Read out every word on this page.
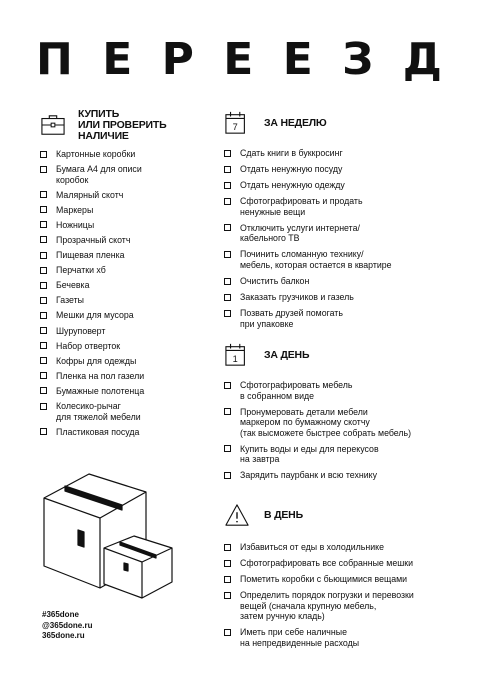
П Е Р Е Е З Д
КУПИТЬ
ИЛИ ПРОВЕРИТЬ
НАЛИЧИЕ
Картонные коробки
Бумага А4 для описи
коробок
Малярный скотч
Маркеры
Ножницы
Прозрачный скотч
Пищевая пленка
Перчатки хб
Бечевка
Газеты
Мешки для мусора
Шуруповерт
Набор отверток
Кофры для одежды
Пленка на пол газели
Бумажные полотенца
Колесико-рычаг
для тяжелой мебели
Пластиковая посуда
7	ЗА НЕДЕЛЮ
Сдать книги в буккросинг
Отдать ненужную посуду
Отдать ненужную одежду
Сфотографировать и продать
ненужные вещи
Отключить услуги интернета/
кабельного ТВ
Починить сломанную технику/
мебель, которая остается в квартире
Очистить балкон
Заказать грузчиков и газель
Позвать друзей помогать
при упаковке
1	ЗА ДЕНЬ
Сфотографировать мебель
в собранном виде
Пронумеровать детали мебели
маркером по бумажному скотчу
(так высможете быстрее собрать мебель)
Купить воды и еды для перекусов
на завтра
Зарядить паурбанк и всю технику
В ДЕНЬ
Избавиться от еды в холодильнике
Сфотографировать все собранные мешки
Пометить коробки с бьющимися вещами
Определить порядок погрузки и перевозки
вещей (сначала крупную мебель,
затем ручную кладь)
Иметь при себе наличные
на непредвиденные расходы
#365done
@365done.ru
365done.ru
